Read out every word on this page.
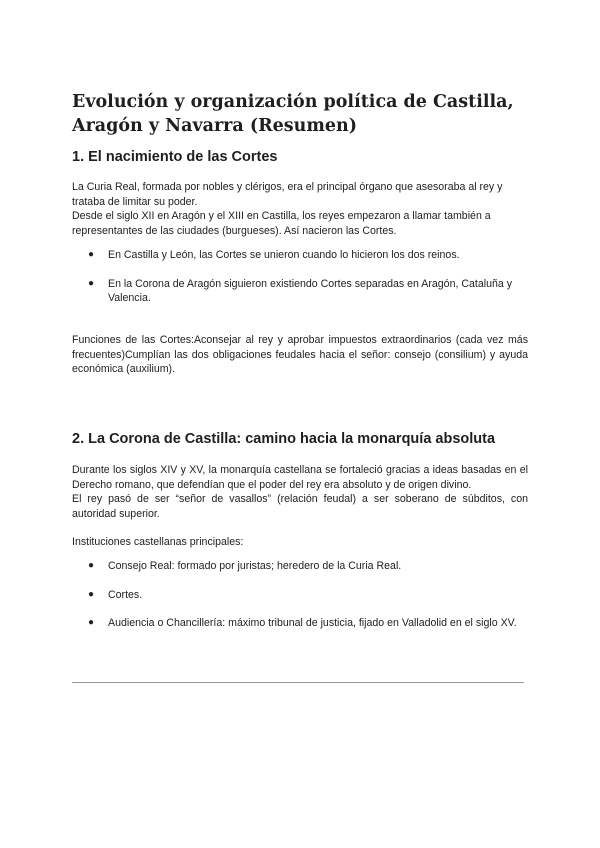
Evolución y organización política de Castilla, Aragón y Navarra (Resumen)
1. El nacimiento de las Cortes

La Curia Real, formada por nobles y clérigos, era el principal órgano que asesoraba al rey y trataba de limitar su poder.

Desde el siglo XII en Aragón y el XIII en Castilla, los reyes empezaron a llamar también a representantes de las ciudades (burgueses). Así nacieron las Cortes.

● En Castilla y León, las Cortes se unieron cuando lo hicieron los dos reinos.
● En la Corona de Aragón siguieron existiendo Cortes separadas en Aragón, Cataluña y Valencia.

Funciones de las Cortes:Aconsejar al rey y aprobar impuestos extraordinarios (cada vez más frecuentes)Cumplían las dos obligaciones feudales hacia el señor: consejo (consilium) y ayuda económica (auxilium).

2. La Corona de Castilla: camino hacia la monarquía absoluta

Durante los siglos XIV y XV, la monarquía castellana se fortaleció gracias a ideas basadas en el Derecho romano, que defendían que el poder del rey era absoluto y de origen divino.

El rey pasó de ser “señor de vasallos” (relación feudal) a ser soberano de súbditos, con autoridad superior.

Instituciones castellanas principales:

● Consejo Real: formado por juristas; heredero de la Curia Real.
● Cortes.
● Audiencia o Chancillería: máximo tribunal de justicia, fijado en Valladolid en el siglo XV.
